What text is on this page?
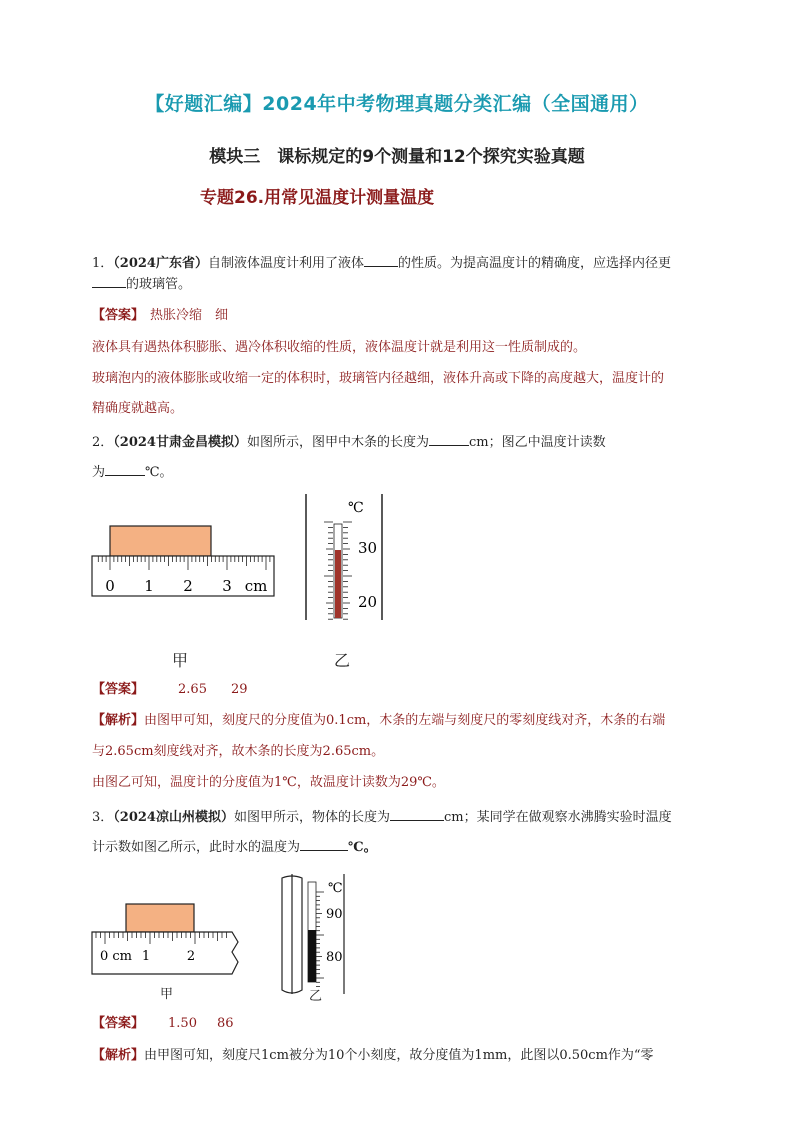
【好题汇编】2024年中考物理真题分类汇编（全国通用）
模块三　课标规定的9个测量和12个探究实验真题
专题26.用常见温度计测量温度
1．（2024广东省）自制液体温度计利用了液体	的性质。为提高温度计的精确度，应选择内径更
的玻璃管。
【答案】 热胀冷缩　细
液体具有遇热体积膨胀、遇冷体积收缩的性质，液体温度计就是利用这一性质制成的。
玻璃泡内的液体膨胀或收缩一定的体积时，玻璃管内径越细，液体升高或下降的高度越大，温度计的
精确度就越高。
2．（2024甘肃金昌模拟）如图所示，图甲中木条的长度为	cm；图乙中温度计读数
为	℃。
0 1 2 3 cm
甲
℃
30
20
乙
【答案】	2.65 29
【解析】由图甲可知，刻度尺的分度值为0.1cm，木条的左端与刻度尺的零刻度线对齐，木条的右端
与2.65cm刻度线对齐，故木条的长度为2.65cm。
由图乙可知，温度计的分度值为1℃，故温度计读数为29℃。
3．（2024凉山州模拟）如图甲所示，物体的长度为	cm；某同学在做观察水沸腾实验时温度
计示数如图乙所示，此时水的温度为	℃。
0 cm 1	2
甲
℃
90
80
乙
【答案】 1.50 86
【解析】由甲图可知，刻度尺1cm被分为10个小刻度，故分度值为1mm，此图以0.50cm作为“零
